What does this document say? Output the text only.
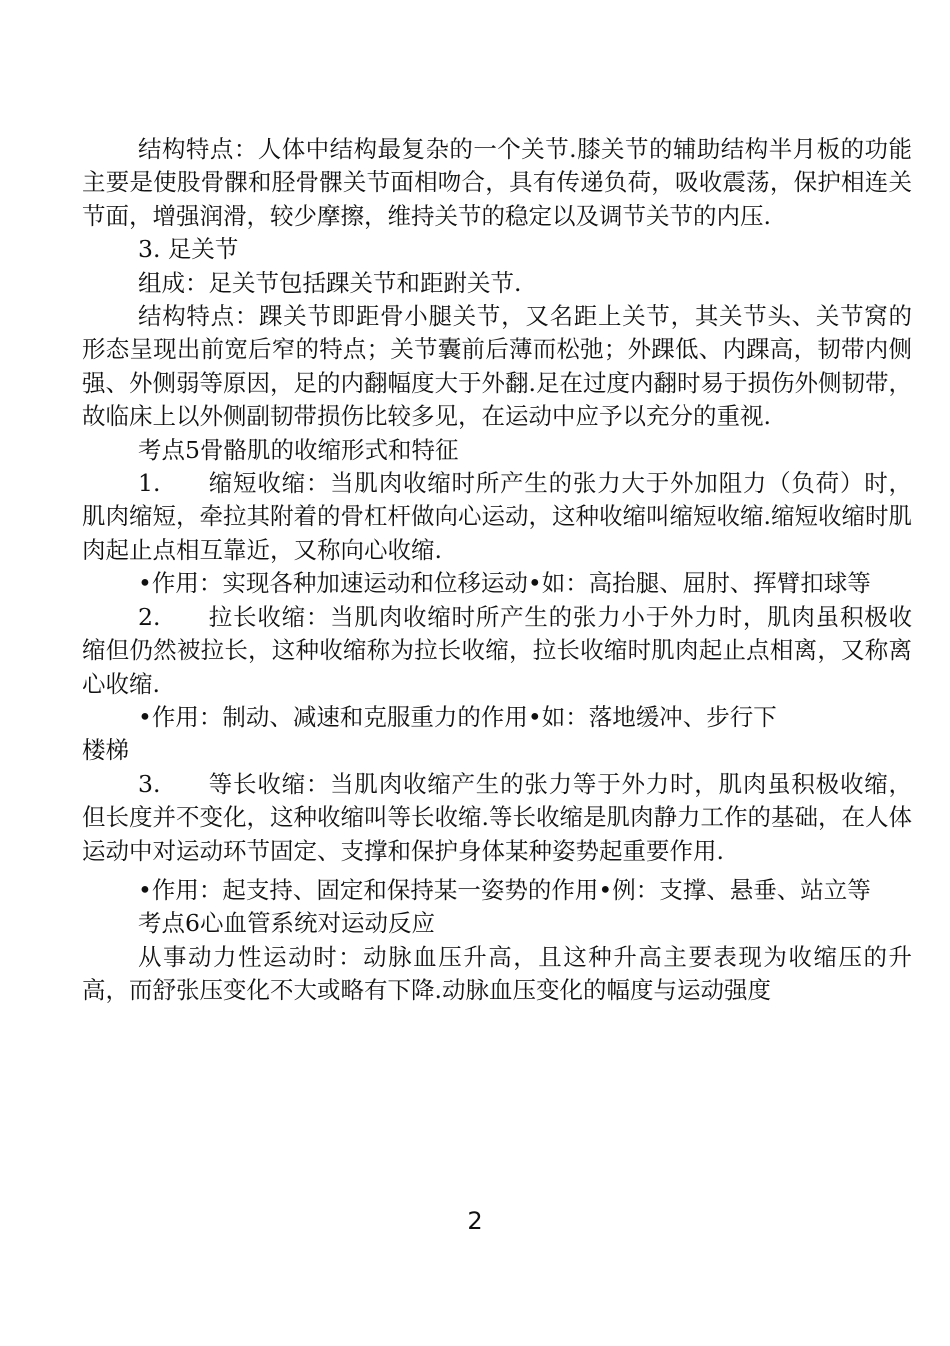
结构特点：人体中结构最复杂的一个关节.膝关节的辅助结构半月板的功能主要是使股骨髁和胫骨髁关节面相吻合，具有传递负荷，吸收震荡，保护相连关节面，增强润滑，较少摩擦，维持关节的稳定以及调节关节的内压.

3. 足关节

组成：足关节包括踝关节和距跗关节.

结构特点：踝关节即距骨小腿关节，又名距上关节，其关节头、关节窝的形态呈现出前宽后窄的特点；关节囊前后薄而松弛；外踝低、内踝高，韧带内侧强、外侧弱等原因，足的内翻幅度大于外翻.足在过度内翻时易于损伤外侧韧带，故临床上以外侧副韧带损伤比较多见，在运动中应予以充分的重视.

考点5骨骼肌的收缩形式和特征

1. 缩短收缩：当肌肉收缩时所产生的张力大于外加阻力（负荷）时，肌肉缩短，牵拉其附着的骨杠杆做向心运动，这种收缩叫缩短收缩.缩短收缩时肌肉起止点相互靠近，又称向心收缩.

•作用：实现各种加速运动和位移运动•如：高抬腿、屈肘、挥臂扣球等

2. 拉长收缩：当肌肉收缩时所产生的张力小于外力时，肌肉虽积极收缩但仍然被拉长，这种收缩称为拉长收缩，拉长收缩时肌肉起止点相离，又称离心收缩.

•作用：制动、减速和克服重力的作用•如：落地缓冲、步行下

楼梯

3. 等长收缩：当肌肉收缩产生的张力等于外力时，肌肉虽积极收缩，但长度并不变化，这种收缩叫等长收缩.等长收缩是肌肉静力工作的基础，在人体运动中对运动环节固定、支撑和保护身体某种姿势起重要作用.

•作用：起支持、固定和保持某一姿势的作用•例：支撑、悬垂、站立等

考点6心血管系统对运动反应

从事动力性运动时：动脉血压升高，且这种升高主要表现为收缩压的升高，而舒张压变化不大或略有下降.动脉血压变化的幅度与运动强度

2
